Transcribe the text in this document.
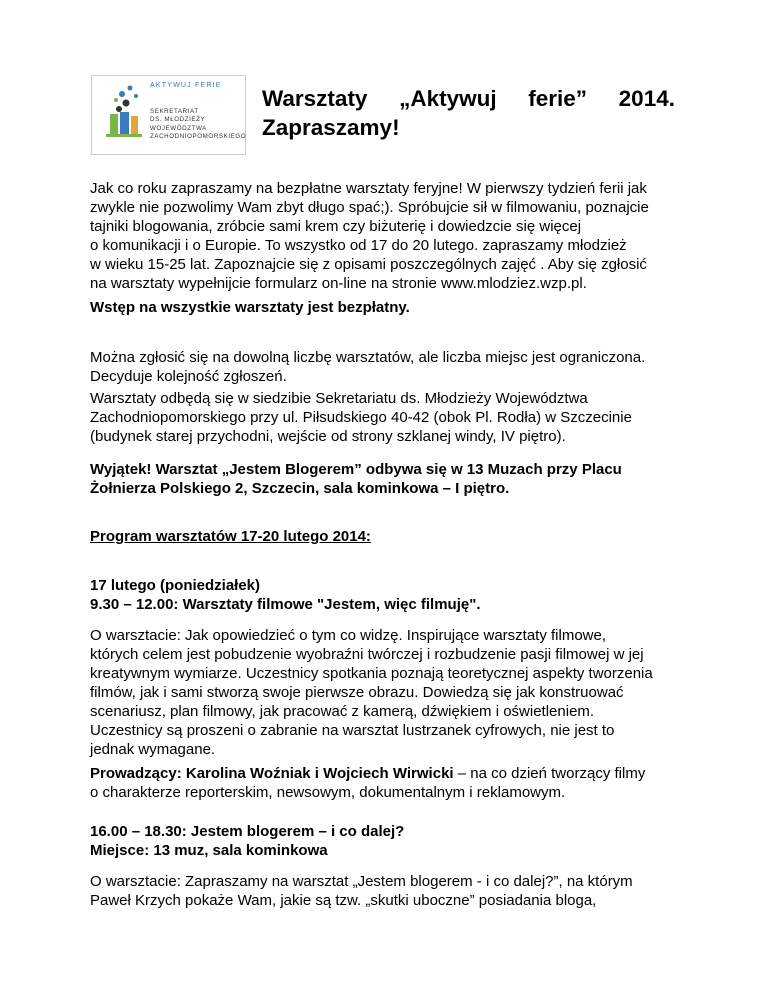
AKTYWUJ FERIE
SEKRETARIAT
DS. MŁODZIEŻY
WOJEWÓDZTWA
ZACHODNIOPOMORSKIEGO
Warsztaty „Aktywuj ferie” 2014.
Zapraszamy!
Jak co roku zapraszamy na bezpłatne warsztaty feryjne! W pierwszy tydzień ferii jak
zwykle nie pozwolimy Wam zbyt długo spać;). Spróbujcie sił w filmowaniu, poznajcie
tajniki blogowania, zróbcie sami krem czy biżuterię i dowiedzcie się więcej
o komunikacji i o Europie. To wszystko od 17 do 20 lutego. zapraszamy młodzież
w wieku 15-25 lat. Zapoznajcie się z opisami poszczególnych zajęć . Aby się zgłosić
na warsztaty wypełnijcie formularz on-line na stronie www.mlodziez.wzp.pl.
Wstęp na wszystkie warsztaty jest bezpłatny.
Można zgłosić się na dowolną liczbę warsztatów, ale liczba miejsc jest ograniczona.
Decyduje kolejność zgłoszeń.
Warsztaty odbędą się w siedzibie Sekretariatu ds. Młodzieży Województwa
Zachodniopomorskiego przy ul. Piłsudskiego 40-42 (obok Pl. Rodła) w Szczecinie
(budynek starej przychodni, wejście od strony szklanej windy, IV piętro).
Wyjątek! Warsztat „Jestem Blogerem” odbywa się w 13 Muzach przy Placu
Żołnierza Polskiego 2, Szczecin, sala kominkowa – I piętro.
Program warsztatów 17-20 lutego 2014:
17 lutego (poniedziałek)
9.30 – 12.00: Warsztaty filmowe "Jestem, więc filmuję".
O warsztacie: Jak opowiedzieć o tym co widzę. Inspirujące warsztaty filmowe,
których celem jest pobudzenie wyobraźni twórczej i rozbudzenie pasji filmowej w jej
kreatywnym wymiarze. Uczestnicy spotkania poznają teoretycznej aspekty tworzenia
filmów, jak i sami stworzą swoje pierwsze obrazu. Dowiedzą się jak konstruować
scenariusz, plan filmowy, jak pracować z kamerą, dźwiękiem i oświetleniem.
Uczestnicy są proszeni o zabranie na warsztat lustrzanek cyfrowych, nie jest to
jednak wymagane.
Prowadzący: Karolina Woźniak i Wojciech Wirwicki – na co dzień tworzący filmy
o charakterze reporterskim, newsowym, dokumentalnym i reklamowym.
16.00 – 18.30: Jestem blogerem – i co dalej?
Miejsce: 13 muz, sala kominkowa
O warsztacie: Zapraszamy na warsztat „Jestem blogerem - i co dalej?”, na którym
Paweł Krzych pokaże Wam, jakie są tzw. „skutki uboczne” posiadania bloga,
